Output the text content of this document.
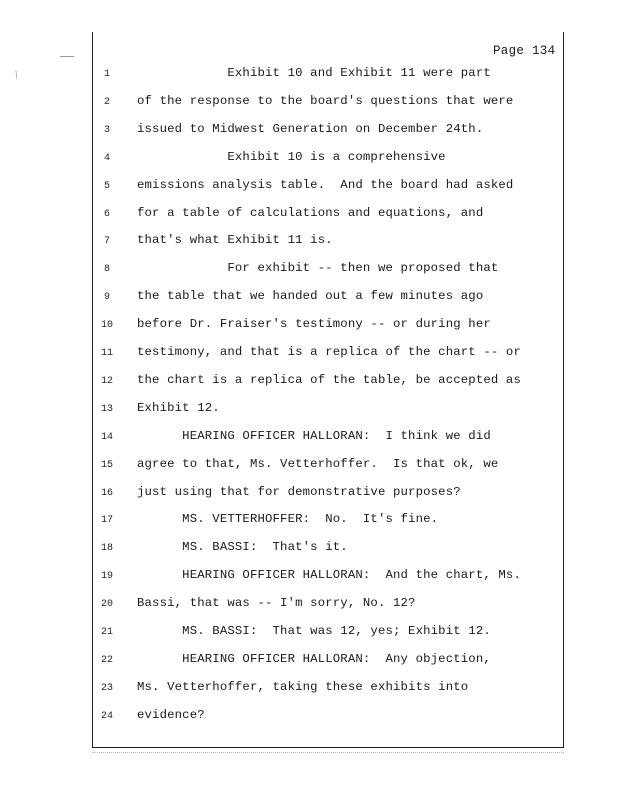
∕
Page 134
1	Exhibit 10 and Exhibit 11 were part
2	of the response to the board's questions that were
3	issued to Midwest Generation on December 24th.
4	Exhibit 10 is a comprehensive
5	emissions analysis table.  And the board had asked
6	for a table of calculations and equations, and
7	that's what Exhibit 11 is.
8	For exhibit -- then we proposed that
9	the table that we handed out a few minutes ago
10	before Dr. Fraiser's testimony -- or during her
11	testimony, and that is a replica of the chart -- or
12	the chart is a replica of the table, be accepted as
13	Exhibit 12.
14	HEARING OFFICER HALLORAN:  I think we did
15	agree to that, Ms. Vetterhoffer.  Is that ok, we
16	just using that for demonstrative purposes?
17	MS. VETTERHOFFER:  No.  It's fine.
18	MS. BASSI:  That's it.
19	HEARING OFFICER HALLORAN:  And the chart, Ms.
20	Bassi, that was -- I'm sorry, No. 12?
21	MS. BASSI:  That was 12, yes; Exhibit 12.
22	HEARING OFFICER HALLORAN:  Any objection,
23	Ms. Vetterhoffer, taking these exhibits into
24	evidence?
